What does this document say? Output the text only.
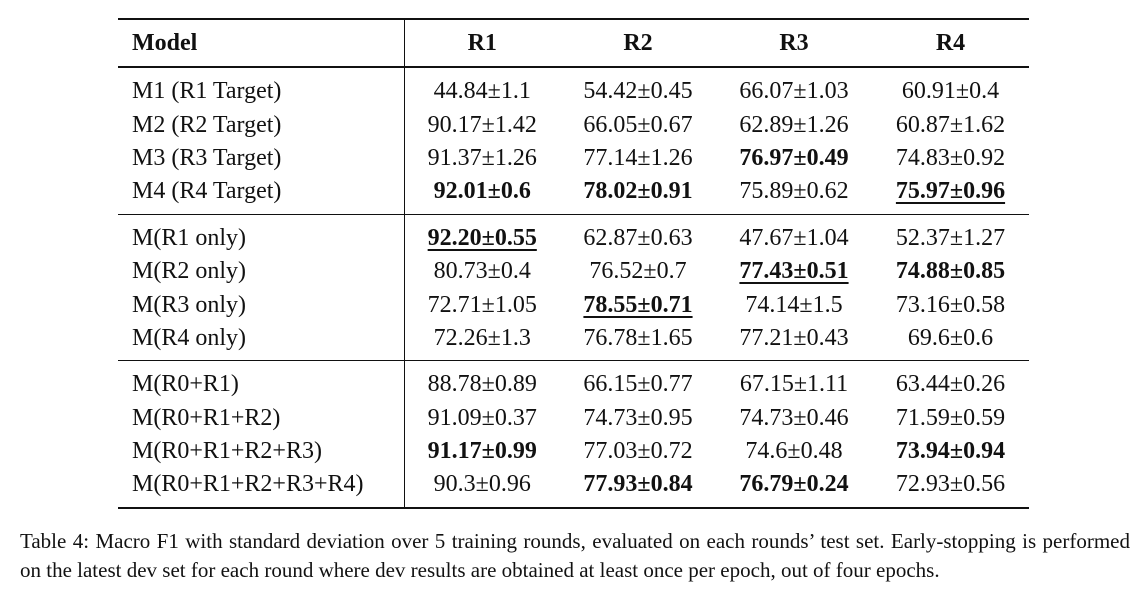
Model	R1	R2	R3	R4
M1 (R1 Target)	44.84±1.1	54.42±0.45	66.07±1.03	60.91±0.4
M2 (R2 Target)	90.17±1.42	66.05±0.67	62.89±1.26	60.87±1.62
M3 (R3 Target)	91.37±1.26	77.14±1.26	76.97±0.49	74.83±0.92
M4 (R4 Target)	92.01±0.6	78.02±0.91	75.89±0.62	75.97±0.96
M(R1 only)	92.20±0.55	62.87±0.63	47.67±1.04	52.37±1.27
M(R2 only)	80.73±0.4	76.52±0.7	77.43±0.51	74.88±0.85
M(R3 only)	72.71±1.05	78.55±0.71	74.14±1.5	73.16±0.58
M(R4 only)	72.26±1.3	76.78±1.65	77.21±0.43	69.6±0.6
M(R0+R1)	88.78±0.89	66.15±0.77	67.15±1.11	63.44±0.26
M(R0+R1+R2)	91.09±0.37	74.73±0.95	74.73±0.46	71.59±0.59
M(R0+R1+R2+R3)	91.17±0.99	77.03±0.72	74.6±0.48	73.94±0.94
M(R0+R1+R2+R3+R4)	90.3±0.96	77.93±0.84	76.79±0.24	72.93±0.56
Table 4: Macro F1 with standard deviation over 5 training rounds, evaluated on each rounds’ test set. Early-stopping is performed on the latest dev set for each round where dev results are obtained at least once per epoch, out of four epochs.
